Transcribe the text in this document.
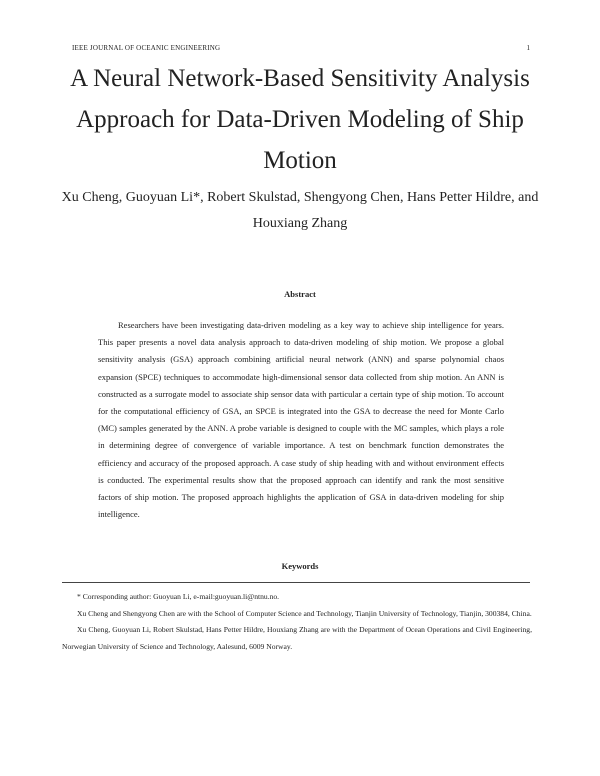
IEEE JOURNAL OF OCEANIC ENGINEERING	1
A Neural Network-Based Sensitivity Analysis Approach for Data-Driven Modeling of Ship Motion
Xu Cheng, Guoyuan Li*, Robert Skulstad, Shengyong Chen, Hans Petter Hildre, and Houxiang Zhang
Abstract

Researchers have been investigating data-driven modeling as a key way to achieve ship intelligence for years. This paper presents a novel data analysis approach to data-driven modeling of ship motion. We propose a global sensitivity analysis (GSA) approach combining artificial neural network (ANN) and sparse polynomial chaos expansion (SPCE) techniques to accommodate high-dimensional sensor data collected from ship motion. An ANN is constructed as a surrogate model to associate ship sensor data with particular a certain type of ship motion. To account for the computational efficiency of GSA, an SPCE is integrated into the GSA to decrease the need for Monte Carlo (MC) samples generated by the ANN. A probe variable is designed to couple with the MC samples, which plays a role in determining degree of convergence of variable importance. A test on benchmark function demonstrates the efficiency and accuracy of the proposed approach. A case study of ship heading with and without environment effects is conducted. The experimental results show that the proposed approach can identify and rank the most sensitive factors of ship motion. The proposed approach highlights the application of GSA in data-driven modeling for ship intelligence.

Keywords

* Corresponding author: Guoyuan Li, e-mail:guoyuan.li@ntnu.no.

Xu Cheng and Shengyong Chen are with the School of Computer Science and Technology, Tianjin University of Technology, Tianjin, 300384, China.

Xu Cheng, Guoyuan Li, Robert Skulstad, Hans Petter Hildre, Houxiang Zhang are with the Department of Ocean Operations and Civil Engineering, Norwegian University of Science and Technology, Aalesund, 6009 Norway.
